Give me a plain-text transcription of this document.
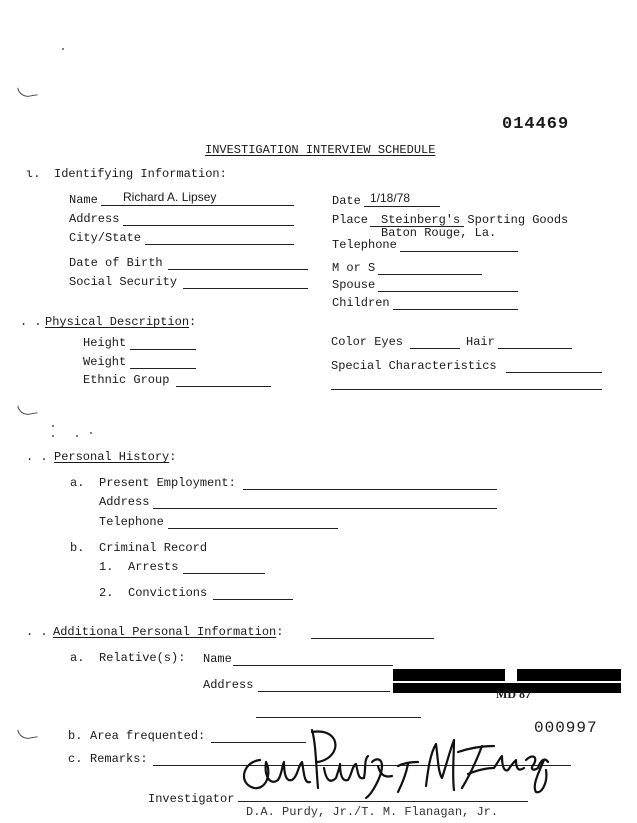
014469
INVESTIGATION INTERVIEW SCHEDULE
ι. Identifying Information:
Name Richard A. Lipsey
Address
City/State
Date of Birth
Social Security
Date 1/18/78
Place Steinberg's Sporting Goods
Baton Rouge, La.
Telephone
M or S
Spouse
Children
. . Physical Description:
Height
Weight
Ethnic Group
Color Eyes	Hair
Special Characteristics
. . Personal History:
a. Present Employment:
Address
Telephone
b. Criminal Record
1. Arrests
2. Convictions
. . Additional Personal Information:
a. Relative(s): Name
Address
MD 87
000997
b. Area frequented:
c. Remarks:
Investigator
D.A. Purdy, Jr./T. M. Flanagan, Jr.
